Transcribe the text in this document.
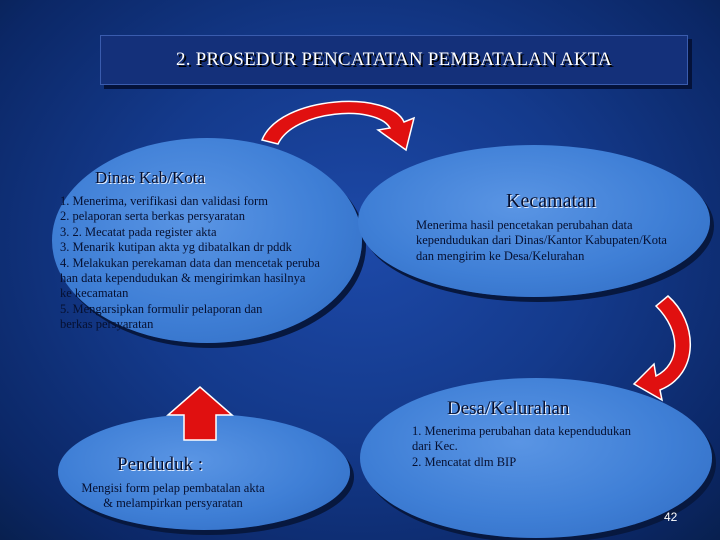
2. PROSEDUR PENCATATAN PEMBATALAN AKTA
Dinas Kab/Kota
1. Menerima, verifikasi dan validasi form
2. pelaporan serta berkas persyaratan
3. 2. Mecatat pada register akta
3. Menarik kutipan akta yg dibatalkan dr pddk
4. Melakukan perekaman data dan mencetak peruba
han data kependudukan & mengirimkan hasilnya
ke kecamatan
5. Mengarsipkan formulir pelaporan dan
berkas persyaratan
Kecamatan
Menerima hasil pencetakan perubahan data
kependudukan dari Dinas/Kantor Kabupaten/Kota
dan mengirim ke Desa/Kelurahan
Desa/Kelurahan
1. Menerima perubahan data kependudukan
dari Kec.
2. Mencatat dlm BIP
Penduduk :
Mengisi form pelap pembatalan akta
& melampirkan persyaratan
42
